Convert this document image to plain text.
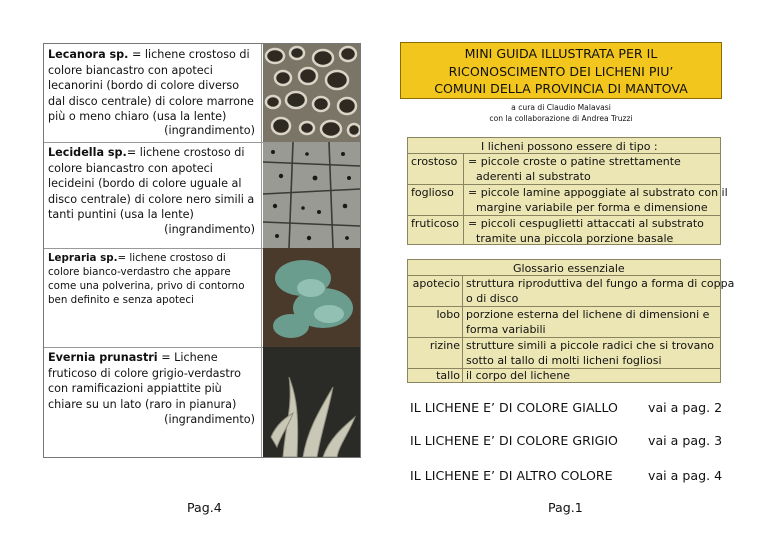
Lecanora sp. = lichene crostoso di colore biancastro con apoteci lecanorini (bordo di colore diverso dal disco centrale) di colore marrone più o meno chiaro (usa la lente)
(ingrandimento)
Lecidella sp.= lichene crostoso di colore biancastro con apoteci lecideini (bordo di colore uguale al disco centrale) di colore nero simili a tanti puntini (usa la lente)
(ingrandimento)
Lepraria sp.= lichene crostoso di colore bianco-verdastro che appare come una polverina, privo di contorno ben definito e senza apoteci
Evernia prunastri = Lichene fruticoso di colore grigio-verdastro con ramificazioni appiattite più chiare su un lato (raro in pianura)
(ingrandimento)
Pag.4
MINI GUIDA ILLUSTRATA PER IL
RICONOSCIMENTO DEI LICHENI PIU’
COMUNI DELLA PROVINCIA DI MANTOVA
a cura di Claudio Malavasi
con la collaborazione di Andrea Truzzi
I licheni possono essere di tipo :
crostoso = piccole croste o patine strettamente
aderenti al substrato
foglioso = piccole lamine appoggiate al substrato con il
margine variabile per forma e dimensione
fruticoso = piccoli cespuglietti attaccati al substrato
tramite una piccola porzione basale
Glossario essenziale
apotecio struttura riproduttiva del fungo a forma di coppa
o di disco
lobo porzione esterna del lichene di dimensioni e
forma variabili
rizine strutture simili a piccole radici che si trovano
sotto al tallo di molti licheni fogliosi
tallo il corpo del lichene
IL LICHENE E’ DI COLORE GIALLO vai a pag. 2
IL LICHENE E’ DI COLORE GRIGIO vai a pag. 3
IL LICHENE E’ DI ALTRO COLORE	vai a pag. 4
Pag.1
